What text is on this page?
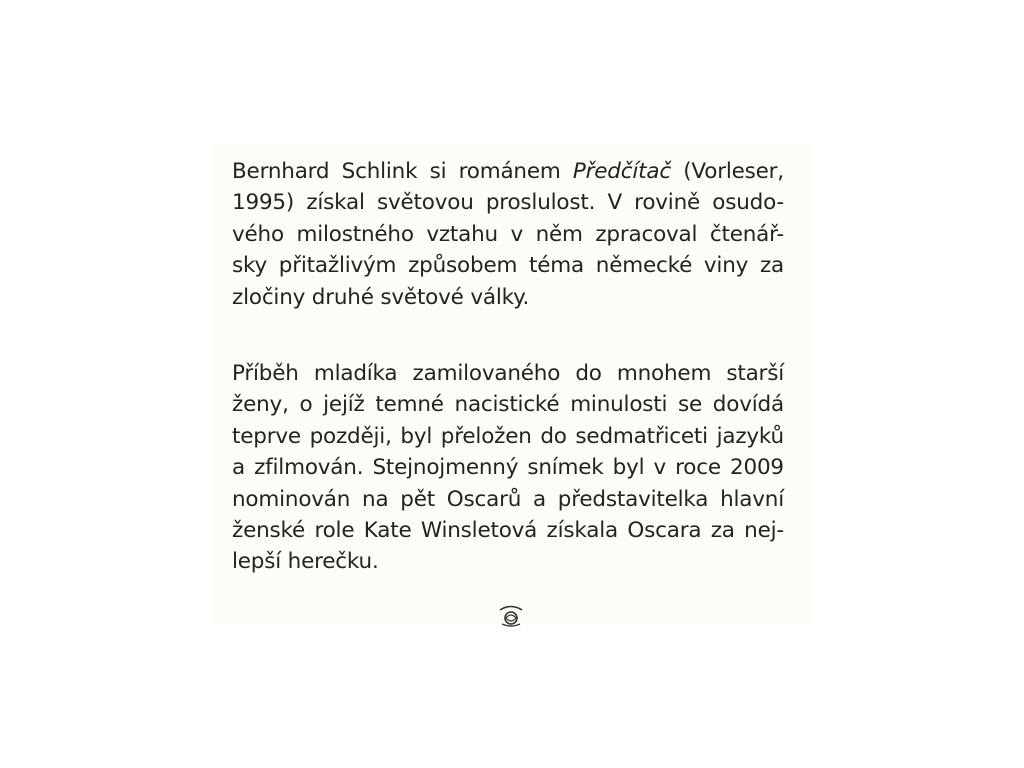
Bernhard Schlink si románem Předčítač (Vorleser,
1995) získal světovou proslulost. V rovině osudo-
vého milostného vztahu v něm zpracoval čtenář-
sky přitažlivým způsobem téma německé viny za
zločiny druhé světové války.

Příběh mladíka zamilovaného do mnohem starší
ženy, o jejíž temné nacistické minulosti se dovídá
teprve později, byl přeložen do sedmatřiceti jazyků
a zfilmován. Stejnojmenný snímek byl v roce 2009
nominován na pět Oscarů a představitelka hlavní
ženské role Kate Winsletová získala Oscara za nej-
lepší herečku.
